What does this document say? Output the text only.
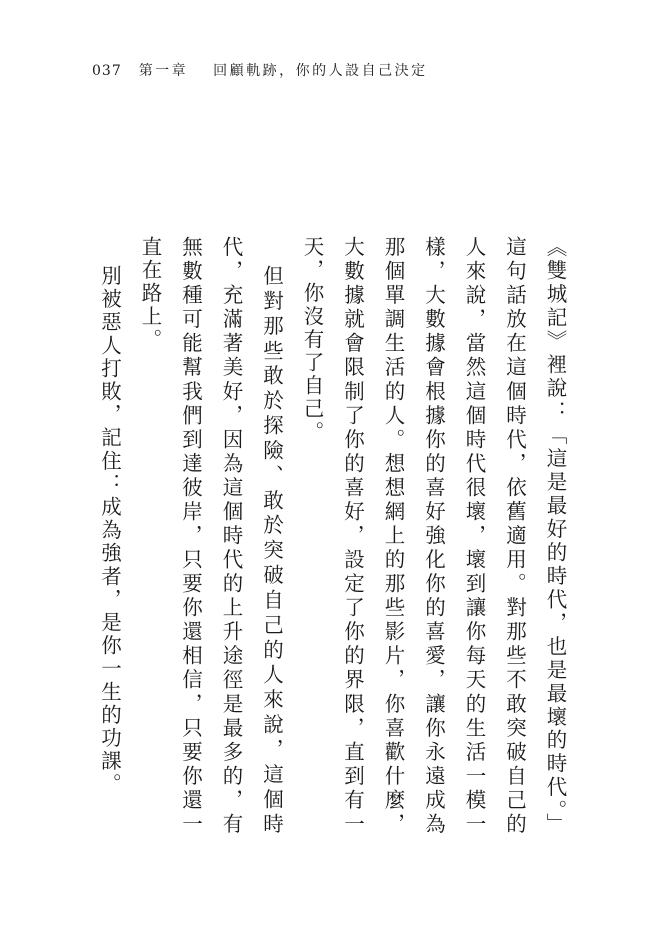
037 第一章 回顧軌跡，你的人設自己決定

《雙城記》裡說：「這是最好的時代，也是最壞的時代。」這句話放在這個時代，依舊適用。對那些不敢突破自己的人來說，當然這個時代很壞，壞到讓你每天的生活一模一樣，大數據會根據你的喜好強化你的喜愛，讓你永遠成為那個單調生活的人。想想網上的那些影片，你喜歡什麼，大數據就會限制了你的喜好，設定了你的界限，直到有一天，你沒有了自己。

但對那些敢於探險、敢於突破自己的人來說，這個時代，充滿著美好，因為這個時代的上升途徑是最多的，有無數種可能幫我們到達彼岸，只要你還相信，只要你還一直在路上。

別被惡人打敗，記住：成為強者，是你一生的功課。
